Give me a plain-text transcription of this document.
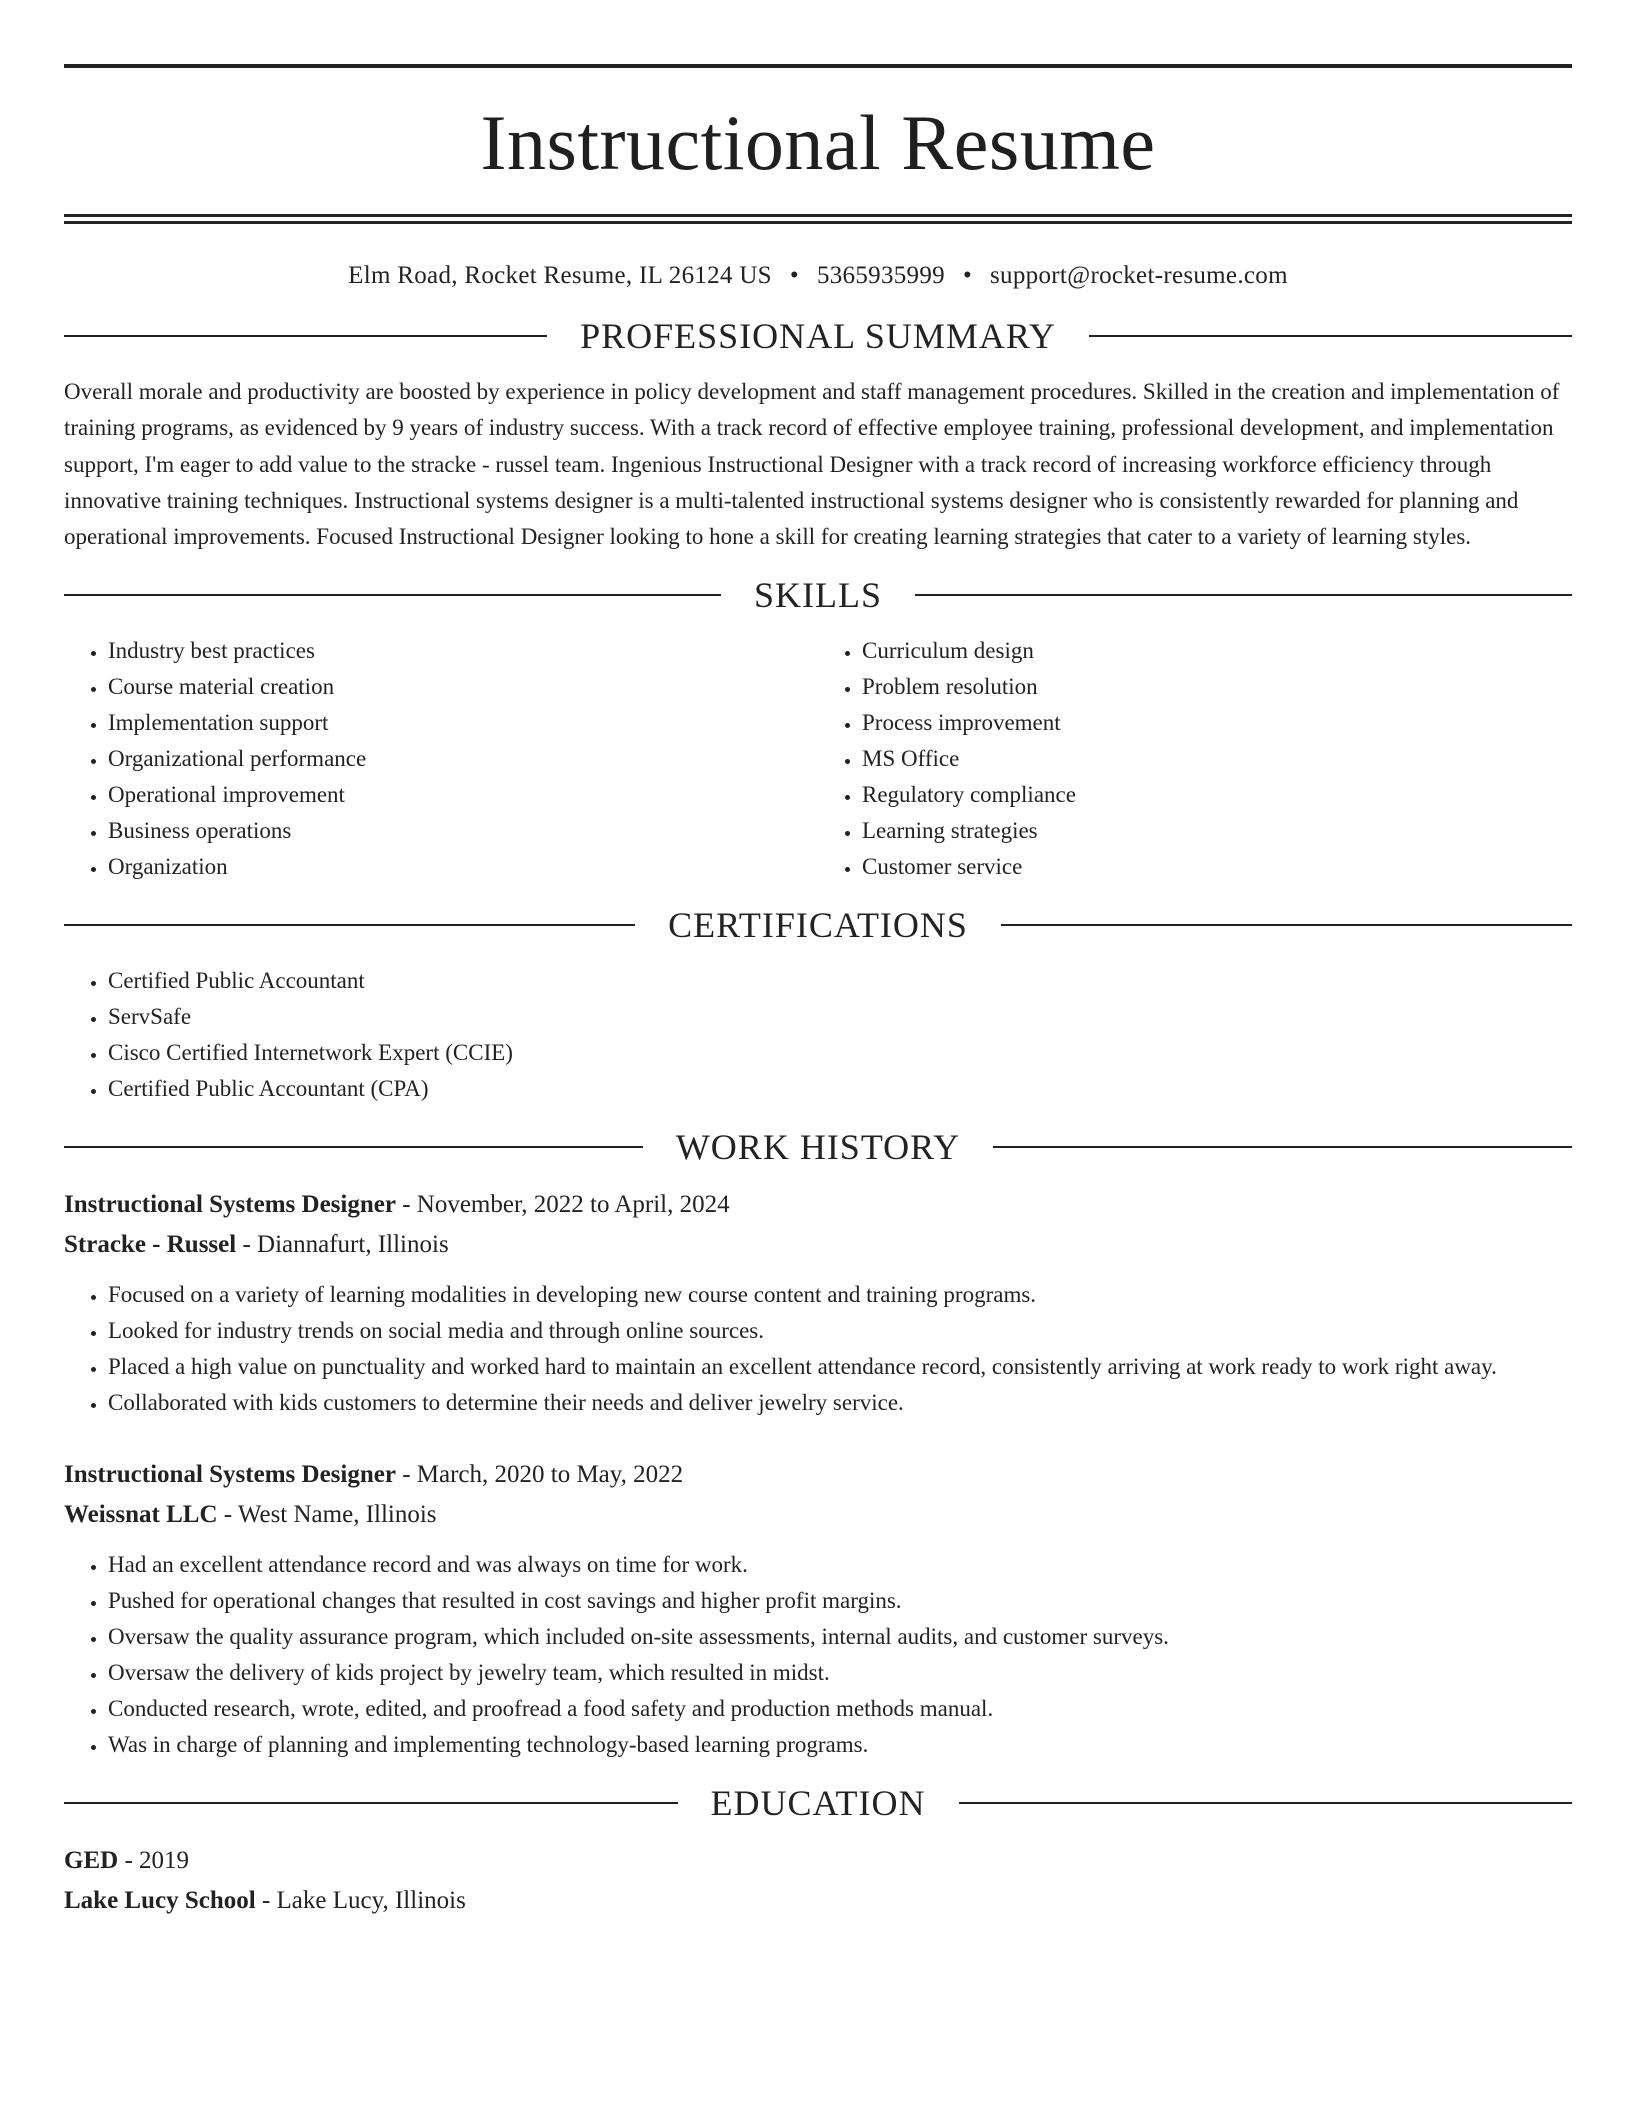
Instructional Resume
Elm Road, Rocket Resume, IL 26124 US • 5365935999 • support@rocket-resume.com
PROFESSIONAL SUMMARY
Overall morale and productivity are boosted by experience in policy development and staff management procedures. Skilled in the creation and implementation of training programs, as evidenced by 9 years of industry success. With a track record of effective employee training, professional development, and implementation support, I'm eager to add value to the stracke - russel team. Ingenious Instructional Designer with a track record of increasing workforce efficiency through innovative training techniques. Instructional systems designer is a multi-talented instructional systems designer who is consistently rewarded for planning and operational improvements. Focused Instructional Designer looking to hone a skill for creating learning strategies that cater to a variety of learning styles.
SKILLS
• Industry best practices
• Course material creation
• Implementation support
• Organizational performance
• Operational improvement
• Business operations
• Organization
• Curriculum design
• Problem resolution
• Process improvement
• MS Office
• Regulatory compliance
• Learning strategies
• Customer service
CERTIFICATIONS
• Certified Public Accountant
• ServSafe
• Cisco Certified Internetwork Expert (CCIE)
• Certified Public Accountant (CPA)
WORK HISTORY
Instructional Systems Designer - November, 2022 to April, 2024
Stracke - Russel - Diannafurt, Illinois
• Focused on a variety of learning modalities in developing new course content and training programs.
• Looked for industry trends on social media and through online sources.
• Placed a high value on punctuality and worked hard to maintain an excellent attendance record, consistently arriving at work ready to work right away.
• Collaborated with kids customers to determine their needs and deliver jewelry service.
Instructional Systems Designer - March, 2020 to May, 2022
Weissnat LLC - West Name, Illinois
• Had an excellent attendance record and was always on time for work.
• Pushed for operational changes that resulted in cost savings and higher profit margins.
• Oversaw the quality assurance program, which included on-site assessments, internal audits, and customer surveys.
• Oversaw the delivery of kids project by jewelry team, which resulted in midst.
• Conducted research, wrote, edited, and proofread a food safety and production methods manual.
• Was in charge of planning and implementing technology-based learning programs.
EDUCATION
GED - 2019
Lake Lucy School - Lake Lucy, Illinois
